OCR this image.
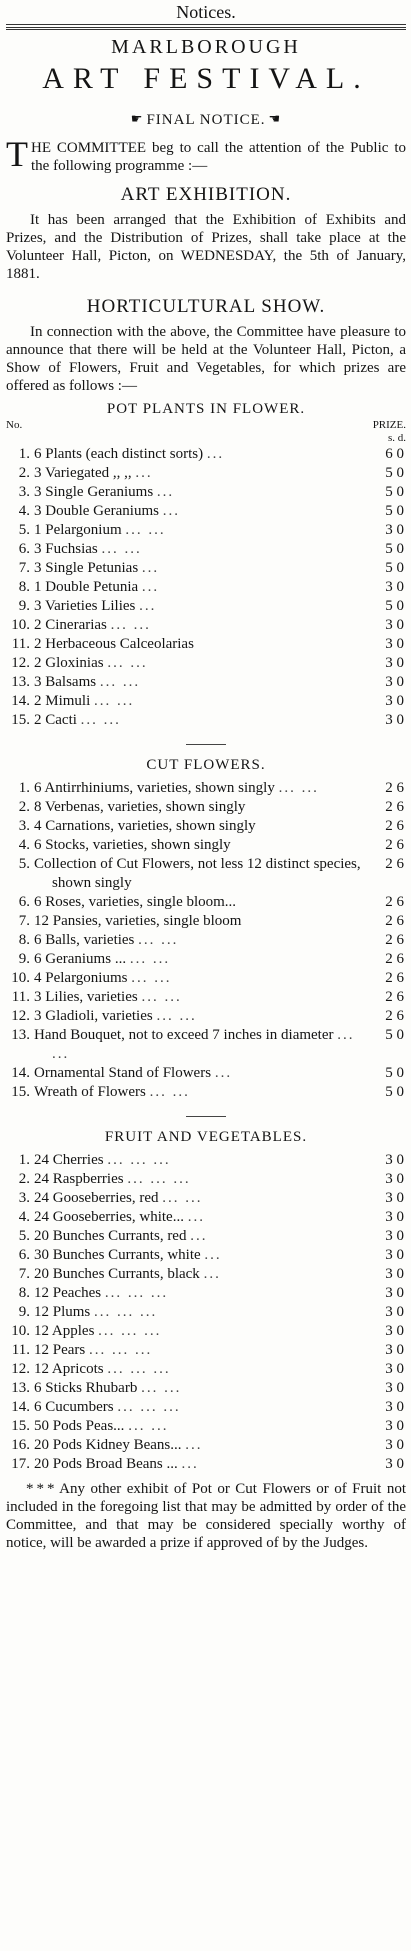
Notices.
MARLBOROUGH
ART FESTIVAL.
☛ FINAL NOTICE. ☚
THE COMMITTEE beg to call the attention of the Public to the following programme :—
ART EXHIBITION.
It has been arranged that the Exhibition of Exhibits and Prizes, and the Distribution of Prizes, shall take place at the Volunteer Hall, Picton, on WEDNESDAY, the 5th of January, 1881.
HORTICULTURAL SHOW.
In connection with the above, the Committee have pleasure to announce that there will be held at the Volunteer Hall, Picton, a Show of Flowers, Fruit and Vegetables, for which prizes are offered as follows :—
POT PLANTS IN FLOWER.
No.	PRIZE.
s. d.
1. 6 Plants (each distinct sorts) ...	6 0
2. 3 Variegated ,, ,, ...	5 0
3. 3 Single Geraniums ...	5 0
4. 3 Double Geraniums ...	5 0
5. 1 Pelargonium ... ...	3 0
6. 3 Fuchsias ... ...	5 0
7. 3 Single Petunias ...	5 0
8. 1 Double Petunia ...	3 0
9. 3 Varieties Lilies ...	5 0
10. 2 Cinerarias ... ...	3 0
11. 2 Herbaceous Calceolarias	3 0
12. 2 Gloxinias ... ...	3 0
13. 3 Balsams ... ...	3 0
14. 2 Mimuli ... ...	3 0
15. 2 Cacti ... ...	3 0
CUT FLOWERS.
1. 6 Antirrhiniums, varieties, shown singly ... ...	2 6
2. 8 Verbenas, varieties, shown singly	2 6
3. 4 Carnations, varieties, shown singly	2 6
4. 6 Stocks, varieties, shown singly	2 6
5. Collection of Cut Flowers, not less 12 distinct species, shown singly
2 6
6. 6 Roses, varieties, single bloom...	2 6
7. 12 Pansies, varieties, single bloom	2 6
8. 6 Balls, varieties ... ...	2 6
9. 6 Geraniums ... ... ...	2 6
10. 4 Pelargoniums ... ...	2 6
11. 3 Lilies, varieties ... ...	2 6
12. 3 Gladioli, varieties ... ...	2 6
13. Hand Bouquet, not to exceed 7 inches in diameter ... ...
5 0
14. Ornamental Stand of Flowers ...	5 0
15. Wreath of Flowers ... ...	5 0
FRUIT AND VEGETABLES.
1. 24 Cherries ... ... ...	3 0
2. 24 Raspberries ... ... ...	3 0
3. 24 Gooseberries, red ... ...	3 0
4. 24 Gooseberries, white... ...	3 0
5. 20 Bunches Currants, red ...	3 0
6. 30 Bunches Currants, white ...	3 0
7. 20 Bunches Currants, black ...	3 0
8. 12 Peaches ... ... ...	3 0
9. 12 Plums ... ... ...	3 0
10. 12 Apples ... ... ...	3 0
11. 12 Pears ... ... ...	3 0
12. 12 Apricots ... ... ...	3 0
13. 6 Sticks Rhubarb ... ...	3 0
14. 6 Cucumbers ... ... ...	3 0
15. 50 Pods Peas... ... ...	3 0
16. 20 Pods Kidney Beans... ...	3 0
17. 20 Pods Broad Beans ... ...	3 0
* * * Any other exhibit of Pot or Cut Flowers or of Fruit not included in the foregoing list that may be admitted by order of the Committee, and that may be considered specially worthy of notice, will be awarded a prize if approved of by the Judges.
